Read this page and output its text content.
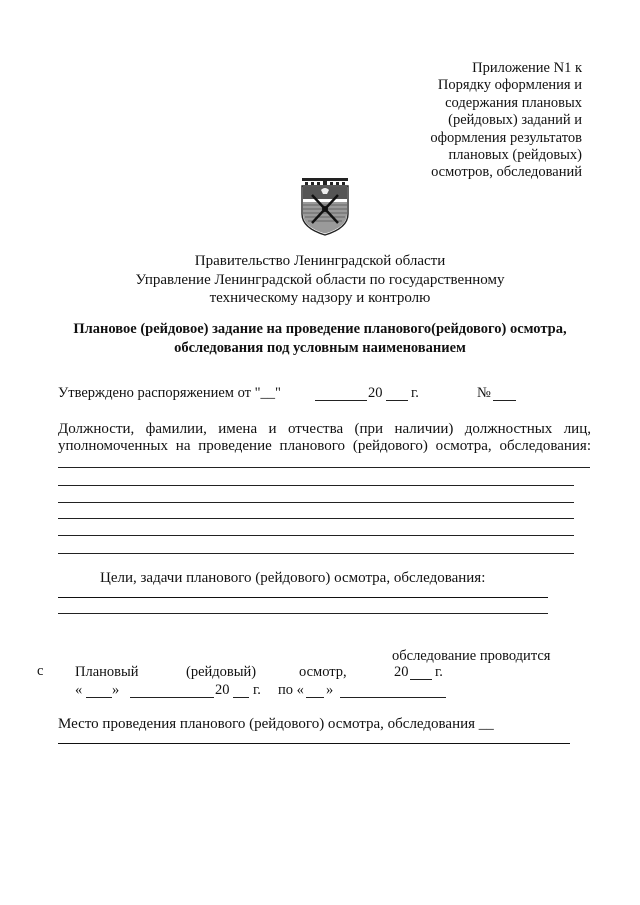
Приложение N1 к
Порядку оформления и
содержания плановых
(рейдовых) заданий и
оформления результатов
плановых (рейдовых)
осмотров, обследований
Правительство Ленинградской области
Управление Ленинградской области по государственному
техническому надзору и контролю
Плановое (рейдовое) задание на проведение планового(рейдового) осмотра,
обследования под условным наименованием
Утверждено распоряжением от "__"	20 г.	№
Должности, фамилии, имена и отчества (при наличии) должностных лиц,
уполномоченных на проведение планового (рейдового) осмотра, обследования:
Цели, задачи планового (рейдового) осмотра, обследования:
обследование проводится
с Плановый	(рейдовый)	осмотр,	20 г.
« »	20 г. по « »
Место проведения планового (рейдового) осмотра, обследования __
